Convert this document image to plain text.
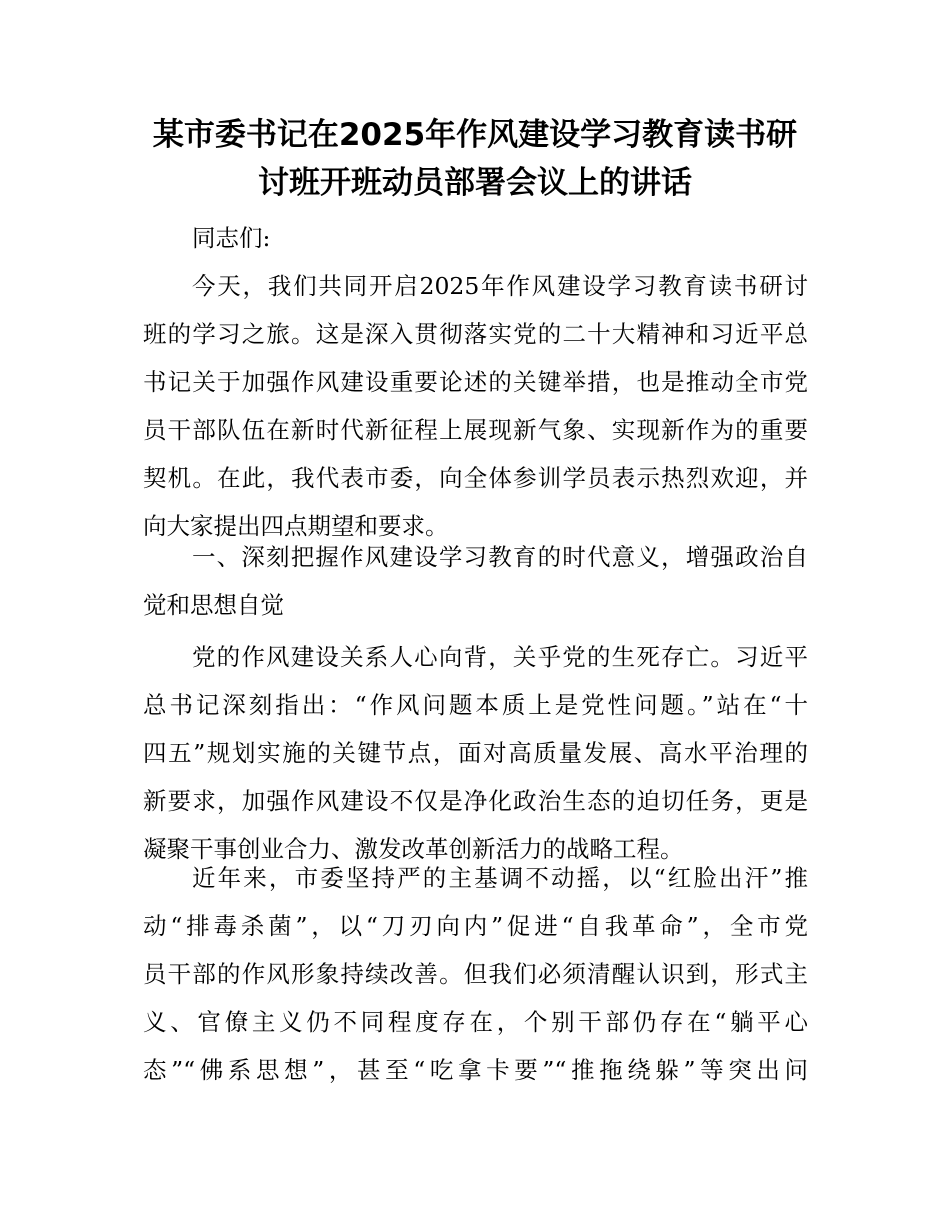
某市委书记在2025年作风建设学习教育读书研
讨班开班动员部署会议上的讲话

同志们:

今天，我们共同开启2025年作风建设学习教育读书研讨
班的学习之旅。这是深入贯彻落实党的二十大精神和习近平总
书记关于加强作风建设重要论述的关键举措，也是推动全市党
员干部队伍在新时代新征程上展现新气象、实现新作为的重要
契机。在此，我代表市委，向全体参训学员表示热烈欢迎，并
向大家提出四点期望和要求。
一、深刻把握作风建设学习教育的时代意义，增强政治自
觉和思想自觉
党的作风建设关系人心向背，关乎党的生死存亡。习近平
总书记深刻指出：“作风问题本质上是党性问题。”站在“十
四五”规划实施的关键节点，面对高质量发展、高水平治理的
新要求，加强作风建设不仅是净化政治生态的迫切任务，更是
凝聚干事创业合力、激发改革创新活力的战略工程。
近年来，市委坚持严的主基调不动摇，以“红脸出汗”推
动“排毒杀菌”，以“刀刃向内”促进“自我革命”，全市党
员干部的作风形象持续改善。但我们必须清醒认识到，形式主
义、官僚主义仍不同程度存在，个别干部仍存在“躺平心
态”“佛系思想”，甚至“吃拿卡要”“推拖绕躲”等突出问
